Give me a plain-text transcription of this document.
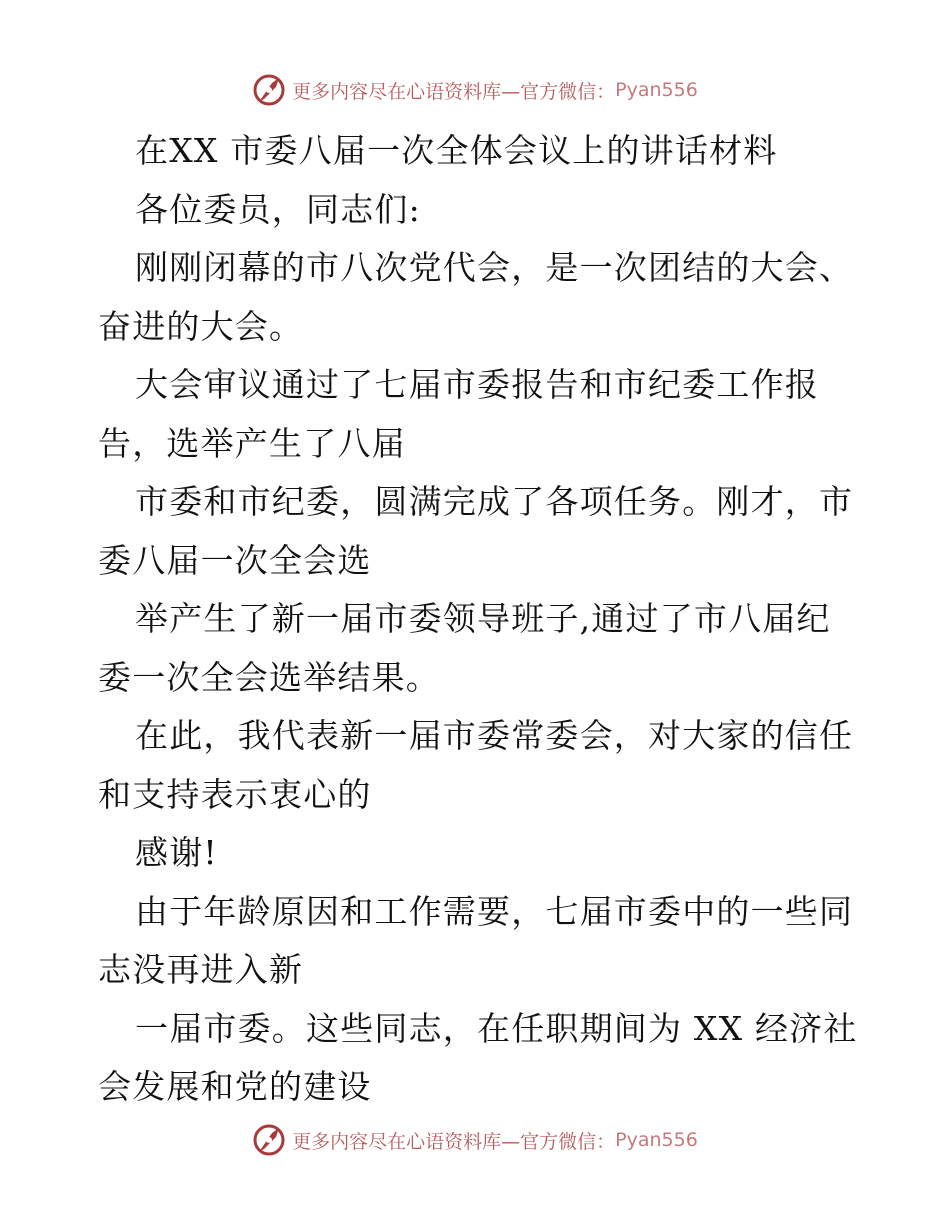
更多内容尽在心语资料库—官方微信： Pyan556
在XX 市委八届一次全体会议上的讲话材料
各位委员，同志们:
刚刚闭幕的市八次党代会，是一次团结的大会、
奋进的大会。
大会审议通过了七届市委报告和市纪委工作报
告，选举产生了八届
市委和市纪委，圆满完成了各项任务。刚才，市
委八届一次全会选
举产生了新一届市委领导班子,通过了市八届纪
委一次全会选举结果。
在此，我代表新一届市委常委会，对大家的信任
和支持表示衷心的
感谢!
由于年龄原因和工作需要，七届市委中的一些同
志没再进入新
一届市委。这些同志，在任职期间为 XX 经济社
会发展和党的建设
更多内容尽在心语资料库—官方微信： Pyan556
